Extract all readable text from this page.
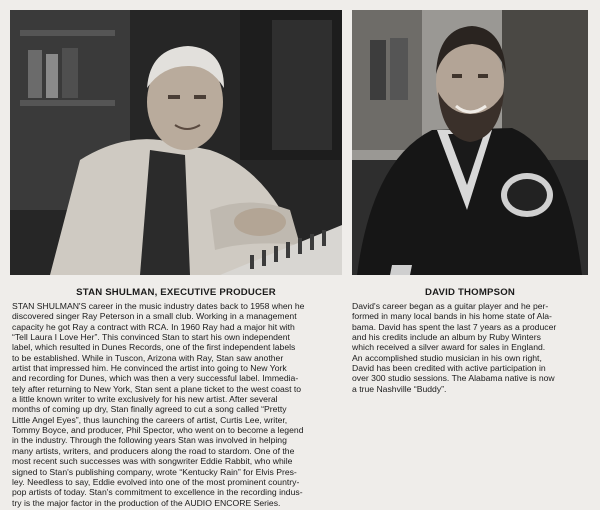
STAN SHULMAN, EXECUTIVE PRODUCER	DAVID THOMPSON
STAN SHULMAN'S career in the music industry dates back to 1958 when he
discovered singer Ray Peterson in a small club. Working in a management
capacity he got Ray a contract with RCA. In 1960 Ray had a major hit with
“Tell Laura I Love Her”. This convinced Stan to start his own independent
label, which resulted in Dunes Records, one of the first independent labels
to be established. While in Tuscon, Arizona with Ray, Stan saw another
artist that impressed him. He convinced the artist into going to New York
and recording for Dunes, which was then a very successful label. Immedia-
tely after returning to New York, Stan sent a plane ticket to the west coast to
a little known writer to write exclusively for his new artist. After several
months of coming up dry, Stan finally agreed to cut a song called “Pretty
Little Angel Eyes”, thus launching the careers of artist, Curtis Lee, writer,
Tommy Boyce, and producer, Phil Spector, who went on to become a legend
in the industry. Through the following years Stan was involved in helping
many artists, writers, and producers along the road to stardom. One of the
most recent such successes was with songwriter Eddie Rabbit, who while
signed to Stan's publishing company, wrote “Kentucky Rain” for Elvis Pres-
ley. Needless to say, Eddie evolved into one of the most prominent country-
pop artists of today. Stan's commitment to excellence in the recording indus-
try is the major factor in the production of the AUDIO ENCORE Series.
David's career began as a guitar player and he per-
formed in many local bands in his home state of Ala-
bama. David has spent the last 7 years as a producer
and his credits include an album by Ruby Winters
which received a silver award for sales in England.
An accomplished studio musician in his own right,
David has been credited with active participation in
over 300 studio sessions. The Alabama native is now
a true Nashville “Buddy”.
